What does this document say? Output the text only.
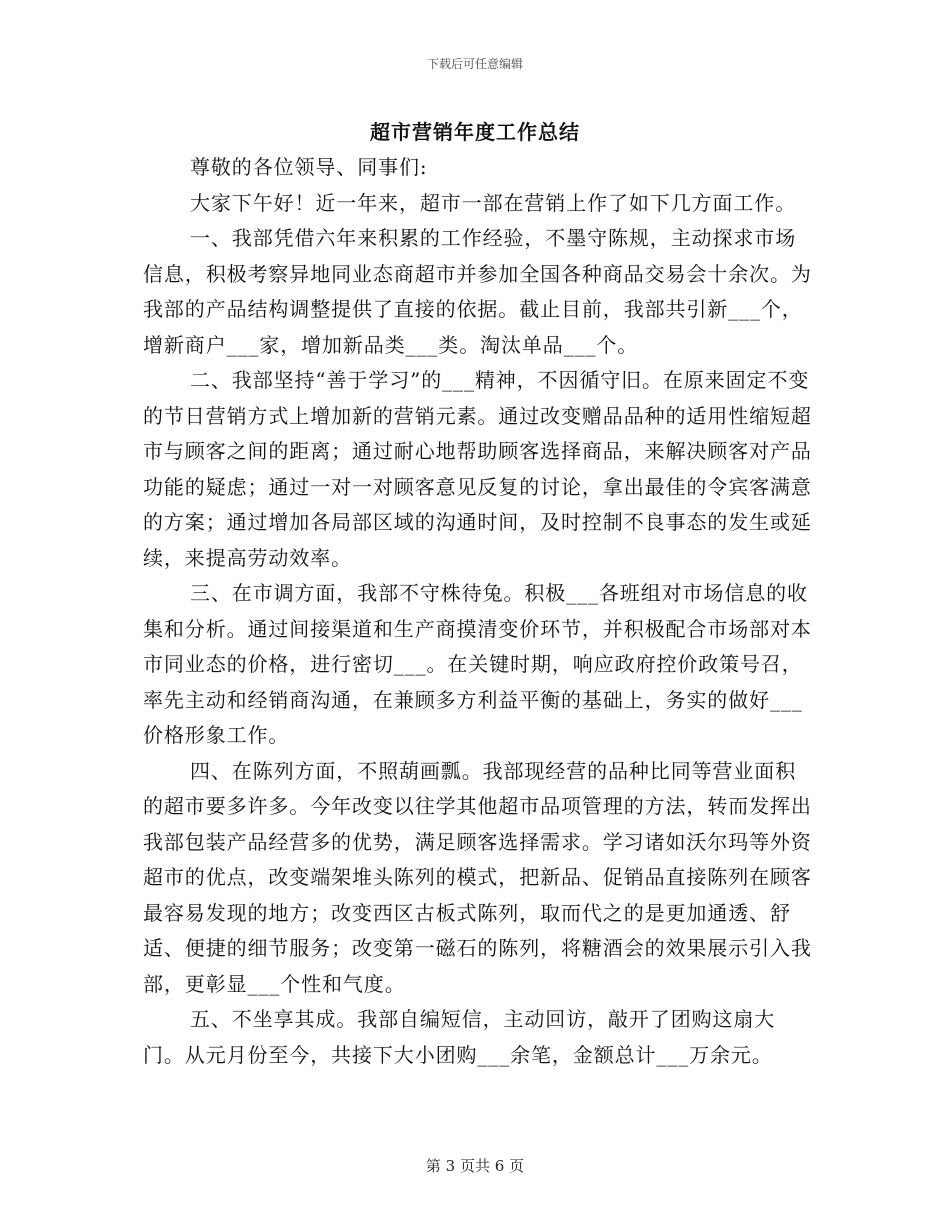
下载后可任意编辑
超市营销年度工作总结

尊敬的各位领导、同事们:

大家下午好！近一年来，超市一部在营销上作了如下几方面工作。

一、我部凭借六年来积累的工作经验，不墨守陈规，主动探求市场信息，积极考察异地同业态商超市并参加全国各种商品交易会十余次。为我部的产品结构调整提供了直接的依据。截止目前，我部共引新___个，增新商户___家，增加新品类___类。淘汰单品___个。

二、我部坚持“善于学习”的___精神，不因循守旧。在原来固定不变的节日营销方式上增加新的营销元素。通过改变赠品品种的适用性缩短超市与顾客之间的距离；通过耐心地帮助顾客选择商品，来解决顾客对产品功能的疑虑；通过一对一对顾客意见反复的讨论，拿出最佳的令宾客满意的方案；通过增加各局部区域的沟通时间，及时控制不良事态的发生或延续，来提高劳动效率。

三、在市调方面，我部不守株待兔。积极___各班组对市场信息的收集和分析。通过间接渠道和生产商摸清变价环节，并积极配合市场部对本市同业态的价格，进行密切___。在关键时期，响应政府控价政策号召，率先主动和经销商沟通，在兼顾多方利益平衡的基础上，务实的做好___价格形象工作。

四、在陈列方面，不照葫画瓢。我部现经营的品种比同等营业面积的超市要多许多。今年改变以往学其他超市品项管理的方法，转而发挥出我部包装产品经营多的优势，满足顾客选择需求。学习诸如沃尔玛等外资超市的优点，改变端架堆头陈列的模式，把新品、促销品直接陈列在顾客最容易发现的地方；改变西区古板式陈列，取而代之的是更加通透、舒适、便捷的细节服务；改变第一磁石的陈列，将糖酒会的效果展示引入我部，更彰显___个性和气度。

五、不坐享其成。我部自编短信，主动回访，敲开了团购这扇大门。从元月份至今，共接下大小团购___余笔，金额总计___万余元。

第 3 页共 6 页
